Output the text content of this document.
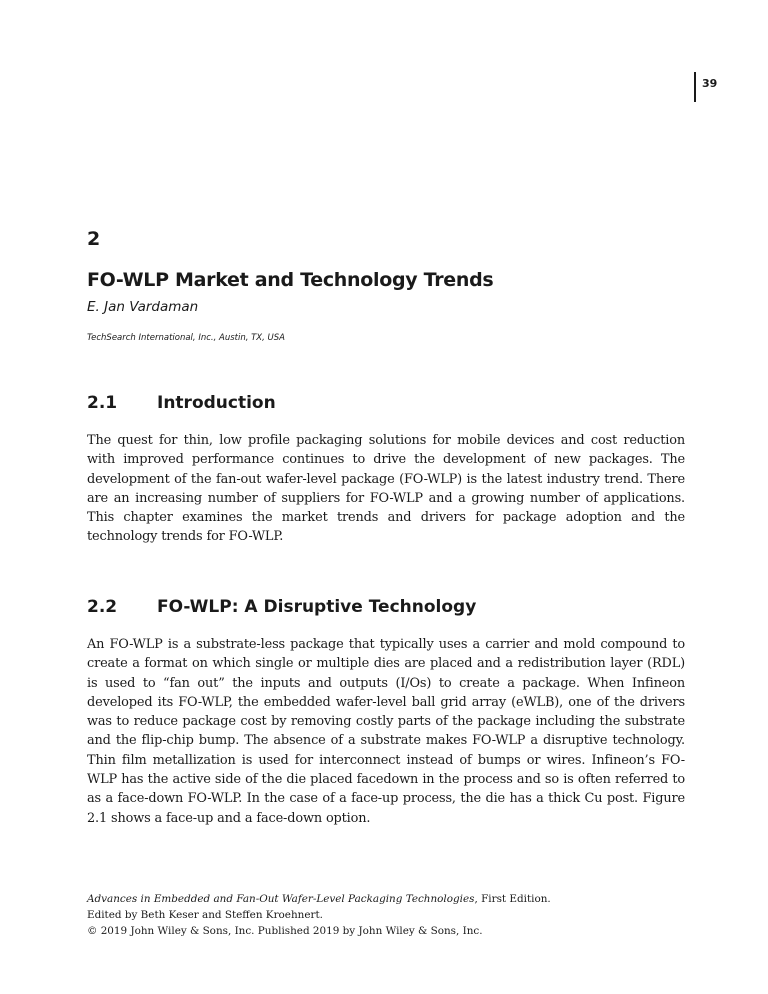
39
2
FO-WLP Market and Technology Trends
E. Jan Vardaman
TechSearch International, Inc., Austin, TX, USA
2.1 Introduction
The quest for thin, low profile packaging solutions for mobile devices and cost reduction with improved performance continues to drive the development of new packages. The development of the fan-out wafer-level package (FO-WLP) is the latest industry trend. There are an increasing number of suppliers for FO-WLP and a growing number of applications. This chapter examines the market trends and drivers for package adoption and the technology trends for FO-WLP.
2.2 FO-WLP: A Disruptive Technology
An FO-WLP is a substrate-less package that typically uses a carrier and mold compound to create a format on which single or multiple dies are placed and a redistribution layer (RDL) is used to “fan out” the inputs and outputs (I/Os) to create a package. When Infineon developed its FO-WLP, the embedded wafer-level ball grid array (eWLB), one of the drivers was to reduce package cost by removing costly parts of the package including the substrate and the flip-chip bump. The absence of a substrate makes FO-WLP a disruptive technology. Thin film metallization is used for interconnect instead of bumps or wires. Infineon’s FO-WLP has the active side of the die placed facedown in the process and so is often referred to as a face-down FO-WLP. In the case of a face-up process, the die has a thick Cu post. Figure 2.1 shows a face-up and a face-down option.
Advances in Embedded and Fan-Out Wafer-Level Packaging Technologies, First Edition.
Edited by Beth Keser and Steffen Kroehnert.
© 2019 John Wiley & Sons, Inc. Published 2019 by John Wiley & Sons, Inc.
